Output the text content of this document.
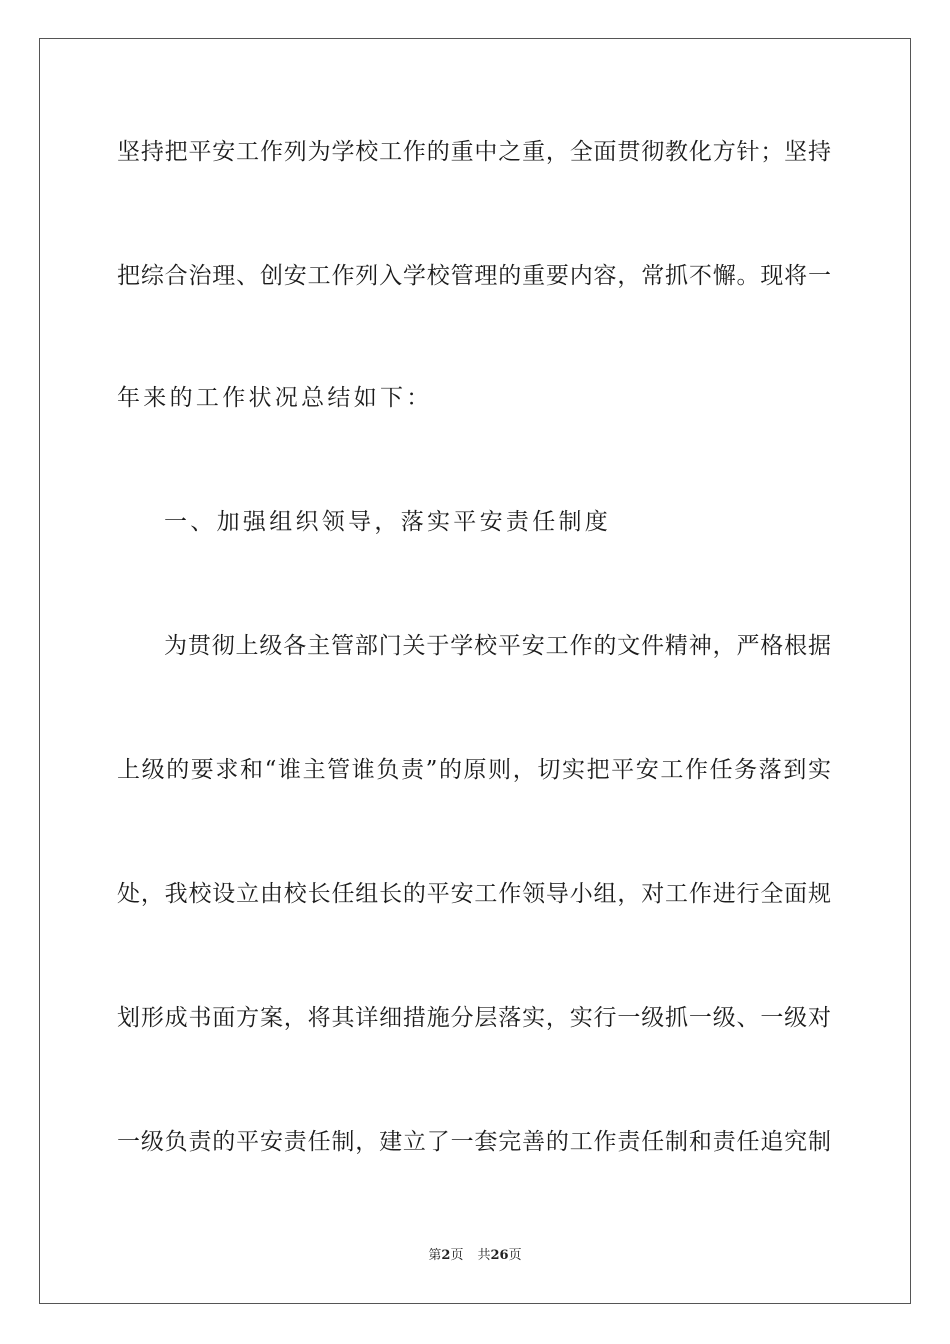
坚持把平安工作列为学校工作的重中之重，全面贯彻教化方针；坚持
把综合治理、创安工作列入学校管理的重要内容，常抓不懈。现将一
年来的工作状况总结如下：
一、加强组织领导，落实平安责任制度
为贯彻上级各主管部门关于学校平安工作的文件精神，严格根据
上级的要求和“谁主管谁负责”的原则，切实把平安工作任务落到实
处，我校设立由校长任组长的平安工作领导小组，对工作进行全面规
划形成书面方案，将其详细措施分层落实，实行一级抓一级、一级对
一级负责的平安责任制，建立了一套完善的工作责任制和责任追究制
第2页 共26页
